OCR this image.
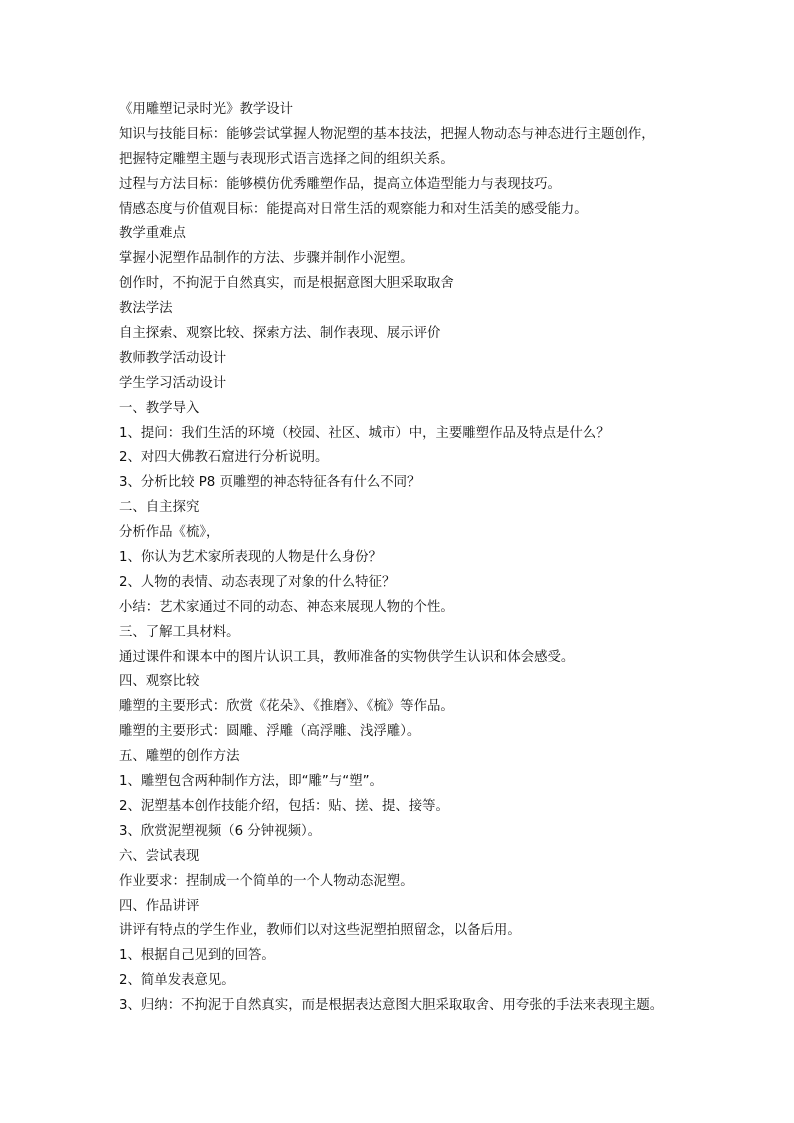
《用雕塑记录时光》教学设计
知识与技能目标：能够尝试掌握人物泥塑的基本技法，把握人物动态与神态进行主题创作，
把握特定雕塑主题与表现形式语言选择之间的组织关系。
过程与方法目标：能够模仿优秀雕塑作品，提高立体造型能力与表现技巧。
情感态度与价值观目标：能提高对日常生活的观察能力和对生活美的感受能力。
教学重难点
掌握小泥塑作品制作的方法、步骤并制作小泥塑。
创作时，不拘泥于自然真实，而是根据意图大胆采取取舍
教法学法
自主探索、观察比较、探索方法、制作表现、展示评价
教师教学活动设计
学生学习活动设计
一、教学导入
1、提问：我们生活的环境（校园、社区、城市）中，主要雕塑作品及特点是什么？
2、对四大佛教石窟进行分析说明。
3、分析比较 P8 页雕塑的神态特征各有什么不同？
二、自主探究
分析作品《梳》，
1、你认为艺术家所表现的人物是什么身份？
2、人物的表情、动态表现了对象的什么特征？
小结：艺术家通过不同的动态、神态来展现人物的个性。
三、了解工具材料。
通过课件和课本中的图片认识工具，教师准备的实物供学生认识和体会感受。
四、观察比较
雕塑的主要形式：欣赏《花朵》、《推磨》、《梳》等作品。
雕塑的主要形式：圆雕、浮雕（高浮雕、浅浮雕）。
五、雕塑的创作方法
1、雕塑包含两种制作方法，即“雕”与“塑”。
2、泥塑基本创作技能介绍，包括：贴、搓、提、接等。
3、欣赏泥塑视频（6 分钟视频）。
六、尝试表现
作业要求：捏制成一个简单的一个人物动态泥塑。
四、作品讲评
讲评有特点的学生作业，教师们以对这些泥塑拍照留念，以备后用。
1、根据自己见到的回答。
2、简单发表意见。
3、归纳：不拘泥于自然真实，而是根据表达意图大胆采取取舍、用夸张的手法来表现主题。
